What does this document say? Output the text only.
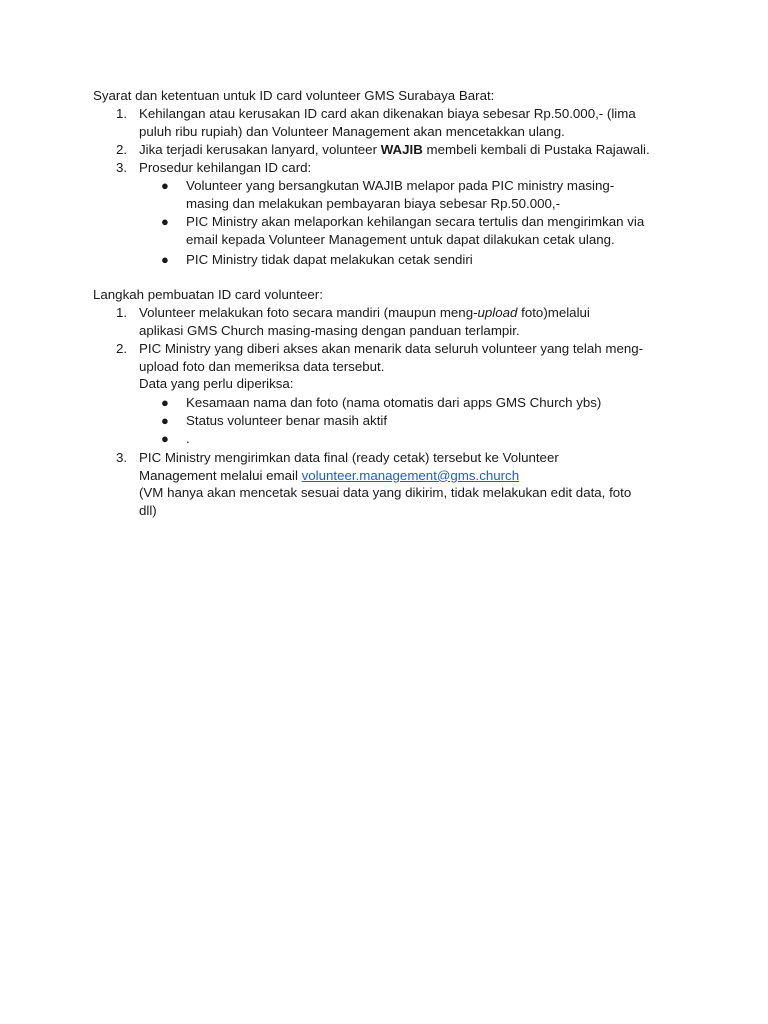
Syarat dan ketentuan untuk ID card volunteer GMS Surabaya Barat:
1. Kehilangan atau kerusakan ID card akan dikenakan biaya sebesar Rp.50.000,- (lima
puluh ribu rupiah) dan Volunteer Management akan mencetakkan ulang.
2. Jika terjadi kerusakan lanyard, volunteer WAJIB membeli kembali di Pustaka Rajawali.
3. Prosedur kehilangan ID card:
● Volunteer yang bersangkutan WAJIB melapor pada PIC ministry masing-
masing dan melakukan pembayaran biaya sebesar Rp.50.000,-
● PIC Ministry akan melaporkan kehilangan secara tertulis dan mengirimkan via
email kepada Volunteer Management untuk dapat dilakukan cetak ulang.
● PIC Ministry tidak dapat melakukan cetak sendiri
Langkah pembuatan ID card volunteer:
1. Volunteer melakukan foto secara mandiri (maupun meng-upload foto)melalui
aplikasi GMS Church masing-masing dengan panduan terlampir.
2. PIC Ministry yang diberi akses akan menarik data seluruh volunteer yang telah meng-
upload foto dan memeriksa data tersebut.
Data yang perlu diperiksa:
● Kesamaan nama dan foto (nama otomatis dari apps GMS Church ybs)
● Status volunteer benar masih aktif
● .
3. PIC Ministry mengirimkan data final (ready cetak) tersebut ke Volunteer
Management melalui email volunteer.management@gms.church
(VM hanya akan mencetak sesuai data yang dikirim, tidak melakukan edit data, foto
dll)
